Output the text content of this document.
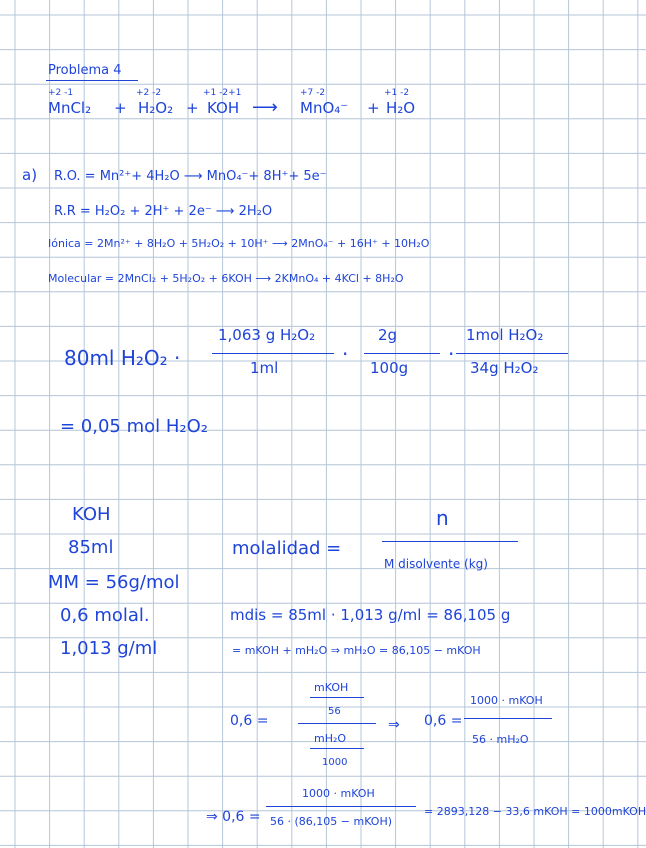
Problema 4
+2 -1	+2 -2	+1 -2+1	+7 -2	+1 -2
MnCl₂ + H₂O₂ + KOH ⟶ MnO₄⁻ + H₂O
a) R.O. = Mn²⁺+ 4H₂O ⟶ MnO₄⁻+ 8H⁺+ 5e⁻
R.R = H₂O₂ + 2H⁺ + 2e⁻ ⟶ 2H₂O
Iónica = 2Mn²⁺ + 8H₂O + 5H₂O₂ + 10H⁺ ⟶ 2MnO₄⁻ + 16H⁺ + 10H₂O
Molecular = 2MnCl₂ + 5H₂O₂ + 6KOH ⟶ 2KMnO₄ + 4KCl + 8H₂O
80ml H₂O₂ ·
1,063 g H₂O₂
1ml
·
2g
100g
·
1mol H₂O₂
34g H₂O₂
= 0,05 mol H₂O₂
KOH
85ml
MM = 56g/mol
0,6 molal.
1,013 g/ml
molalidad =
n
M disolvente (kg)
mdis = 85ml · 1,013 g/ml = 86,105 g
= mKOH + mH₂O ⇒ mH₂O = 86,105 − mKOH
0,6 =
mKOH
56
mH₂O
1000
⇒ 0,6 =
1000 · mKOH
56 · mH₂O
⇒ 0,6 =
1000 · mKOH
56 · (86,105 − mKOH)
= 2893,128 − 33,6 mKOH = 1000mKOH
